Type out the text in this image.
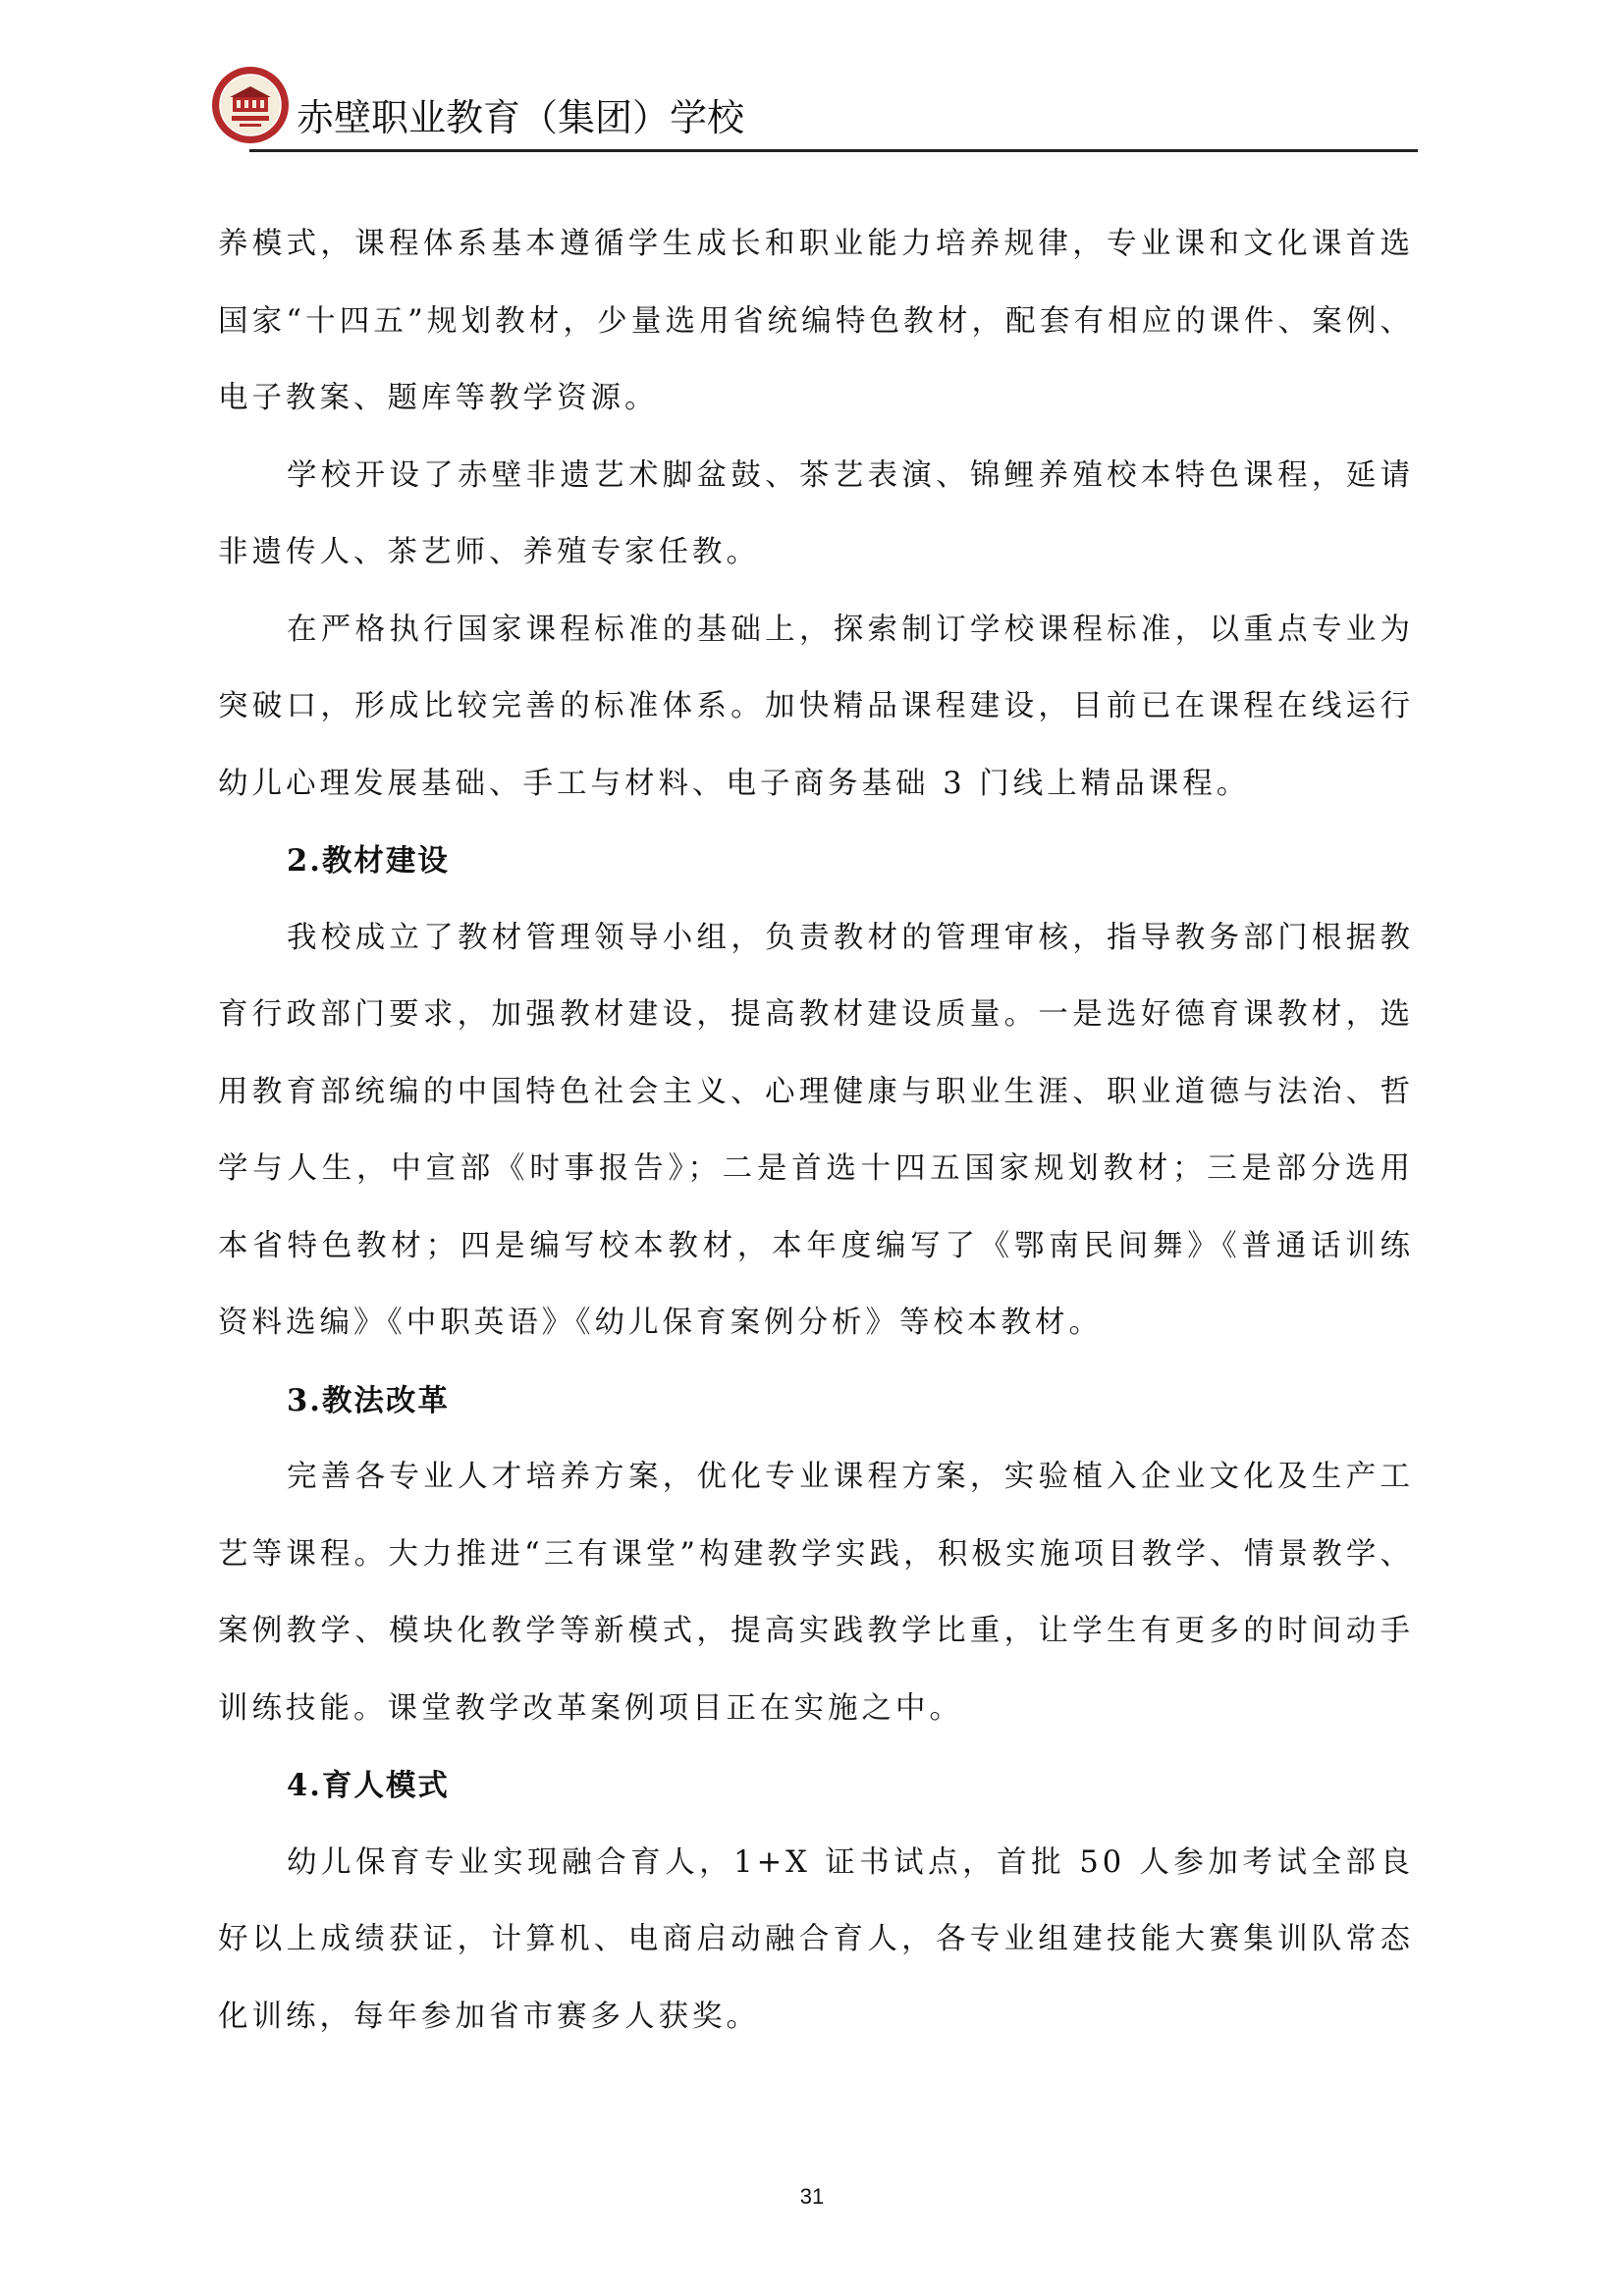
赤壁职业教育（集团）学校

养模式，课程体系基本遵循学生成长和职业能力培养规律，专业课和文化课首选国家“十四五”规划教材，少量选用省统编特色教材，配套有相应的课件、案例、电子教案、题库等教学资源。

学校开设了赤壁非遗艺术脚盆鼓、茶艺表演、锦鲤养殖校本特色课程，延请非遗传人、茶艺师、养殖专家任教。

在严格执行国家课程标准的基础上，探索制订学校课程标准，以重点专业为突破口，形成比较完善的标准体系。加快精品课程建设，目前已在课程在线运行幼儿心理发展基础、手工与材料、电子商务基础 3 门线上精品课程。

2.教材建设

我校成立了教材管理领导小组，负责教材的管理审核，指导教务部门根据教育行政部门要求，加强教材建设，提高教材建设质量。一是选好德育课教材，选用教育部统编的中国特色社会主义、心理健康与职业生涯、职业道德与法治、哲学与人生，中宣部《时事报告》；二是首选十四五国家规划教材；三是部分选用本省特色教材；四是编写校本教材，本年度编写了《鄂南民间舞》《普通话训练资料选编》《中职英语》《幼儿保育案例分析》等校本教材。

3.教法改革

完善各专业人才培养方案，优化专业课程方案，实验植入企业文化及生产工艺等课程。大力推进“三有课堂”构建教学实践，积极实施项目教学、情景教学、案例教学、模块化教学等新模式，提高实践教学比重，让学生有更多的时间动手训练技能。课堂教学改革案例项目正在实施之中。

4.育人模式

幼儿保育专业实现融合育人，1+X 证书试点，首批 50 人参加考试全部良好以上成绩获证，计算机、电商启动融合育人，各专业组建技能大赛集训队常态化训练，每年参加省市赛多人获奖。

31
